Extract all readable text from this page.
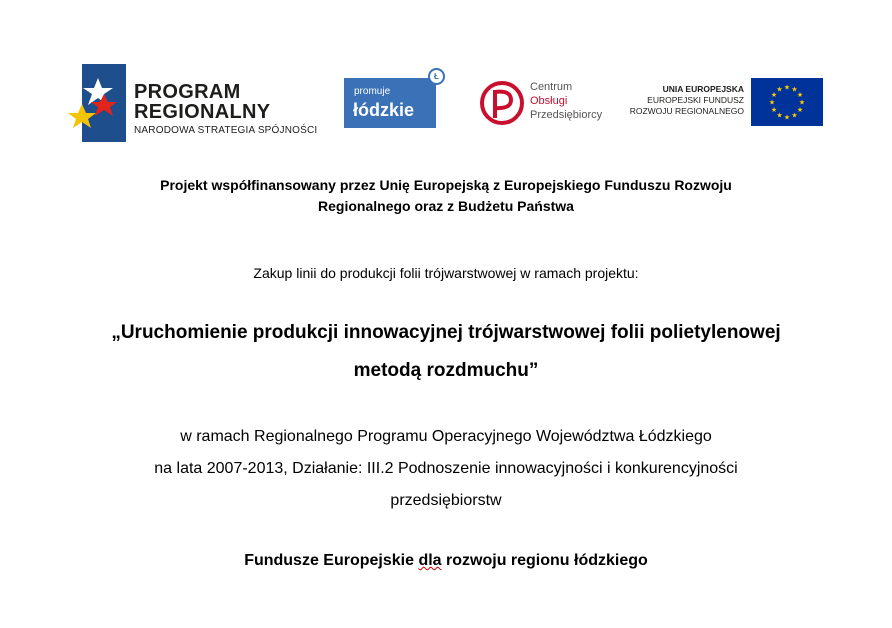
PROGRAM
REGIONALNY
NARODOWA STRATEGIA SPÓJNOŚCI
promuje
łódzkie
Ł
Centrum
Obsługi
Przedsiębiorcy
UNIA EUROPEJSKA
EUROPEJSKI FUNDUSZ
ROZWOJU REGIONALNEGO
★ ★
★
★
★
★
★
★
★
★
★
★
Projekt współfinansowany przez Unię Europejską z Europejskiego Funduszu Rozwoju
Regionalnego oraz z Budżetu Państwa
Zakup linii do produkcji folii trójwarstwowej w ramach projektu:
„Uruchomienie produkcji innowacyjnej trójwarstwowej folii polietylenowej
metodą rozdmuchu”
w ramach Regionalnego Programu Operacyjnego Województwa Łódzkiego
na lata 2007-2013, Działanie: III.2 Podnoszenie innowacyjności i konkurencyjności
przedsiębiorstw
Fundusze Europejskie dla rozwoju regionu łódzkiego
